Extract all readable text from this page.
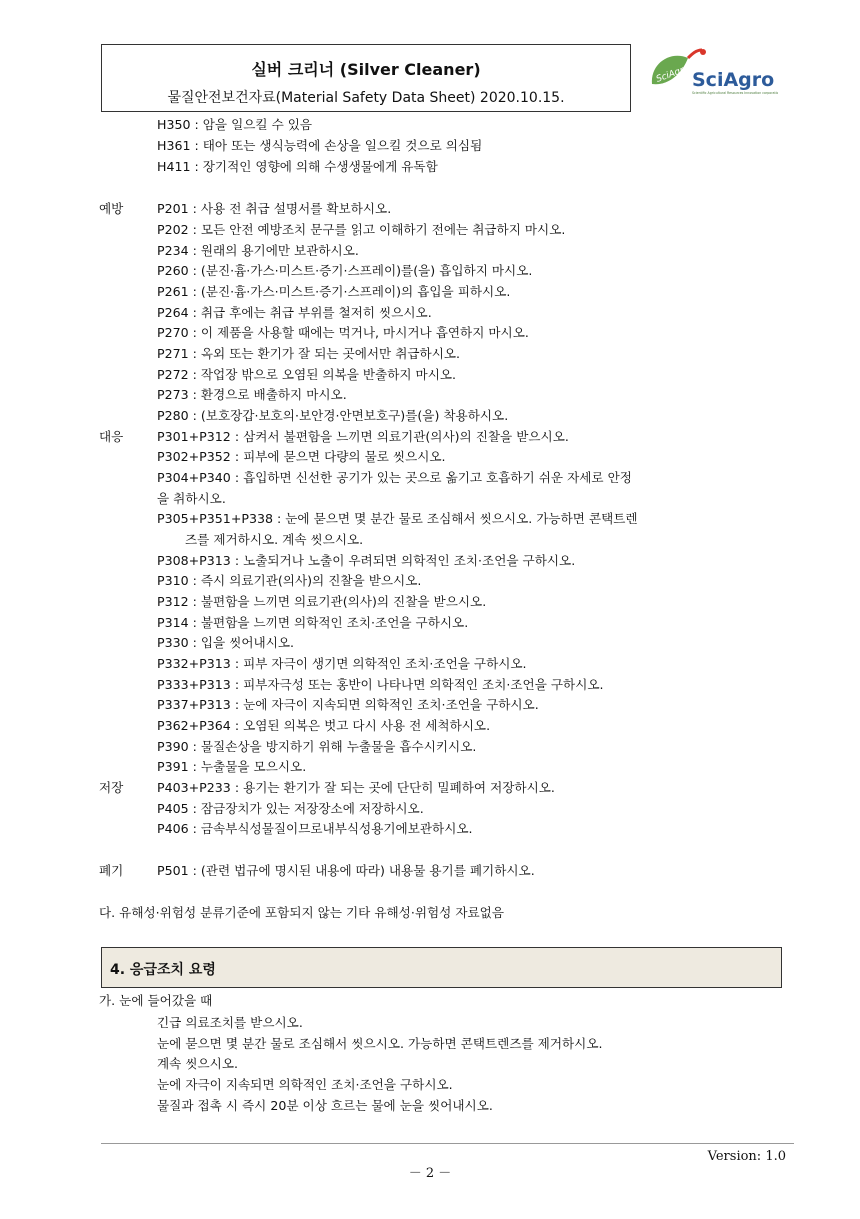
실버 크리너 (Silver Cleaner)
물질안전보건자료(Material Safety Data Sheet) 2020.10.15.
SciAgro SciAgro
Scientific Agricultural Resources Innovation corporation
H350 : 암을 일으킬 수 있음
H361 : 태아 또는 생식능력에 손상을 일으킬 것으로 의심됨
H411 : 장기적인 영향에 의해 수생생물에게 유독함
예방	P201 : 사용 전 취급 설명서를 확보하시오.
P202 : 모든 안전 예방조치 문구를 읽고 이해하기 전에는 취급하지 마시오.
P234 : 원래의 용기에만 보관하시오.
P260 : (분진·흄·가스·미스트·증기·스프레이)를(을) 흡입하지 마시오.
P261 : (분진·흄·가스·미스트·증기·스프레이)의 흡입을 피하시오.
P264 : 취급 후에는 취급 부위를 철저히 씻으시오.
P270 : 이 제품을 사용할 때에는 먹거나, 마시거나 흡연하지 마시오.
P271 : 옥외 또는 환기가 잘 되는 곳에서만 취급하시오.
P272 : 작업장 밖으로 오염된 의복을 반출하지 마시오.
P273 : 환경으로 배출하지 마시오.
P280 : (보호장갑·보호의·보안경·안면보호구)를(을) 착용하시오.
대응	P301+P312 : 삼켜서 불편함을 느끼면 의료기관(의사)의 진찰을 받으시오.
P302+P352 : 피부에 묻으면 다량의 물로 씻으시오.
P304+P340 : 흡입하면 신선한 공기가 있는 곳으로 옮기고 호흡하기 쉬운 자세로 안정
을 취하시오.
P305+P351+P338 : 눈에 묻으면 몇 분간 물로 조심해서 씻으시오. 가능하면 콘택트렌
즈를 제거하시오. 계속 씻으시오.
P308+P313 : 노출되거나 노출이 우려되면 의학적인 조치·조언을 구하시오.
P310 : 즉시 의료기관(의사)의 진찰을 받으시오.
P312 : 불편함을 느끼면 의료기관(의사)의 진찰을 받으시오.
P314 : 불편함을 느끼면 의학적인 조치·조언을 구하시오.
P330 : 입을 씻어내시오.
P332+P313 : 피부 자극이 생기면 의학적인 조치·조언을 구하시오.
P333+P313 : 피부자극성 또는 홍반이 나타나면 의학적인 조치·조언을 구하시오.
P337+P313 : 눈에 자극이 지속되면 의학적인 조치·조언을 구하시오.
P362+P364 : 오염된 의복은 벗고 다시 사용 전 세척하시오.
P390 : 물질손상을 방지하기 위해 누출물을 흡수시키시오.
P391 : 누출물을 모으시오.
저장	P403+P233 : 용기는 환기가 잘 되는 곳에 단단히 밀폐하여 저장하시오.
P405 : 잠금장치가 있는 저장장소에 저장하시오.
P406 : 금속부식성물질이므로내부식성용기에보관하시오.
폐기	P501 : (관련 법규에 명시된 내용에 따라) 내용물 용기를 폐기하시오.
다. 유해성·위험성 분류기준에 포함되지 않는 기타 유해성·위험성 자료없음
4. 응급조치 요령
가. 눈에 들어갔을 때
긴급 의료조치를 받으시오.
눈에 묻으면 몇 분간 물로 조심해서 씻으시오. 가능하면 콘택트렌즈를 제거하시오.
계속 씻으시오.
눈에 자극이 지속되면 의학적인 조치·조언을 구하시오.
물질과 접촉 시 즉시 20분 이상 흐르는 물에 눈을 씻어내시오.
Version: 1.0
－ 2 －
